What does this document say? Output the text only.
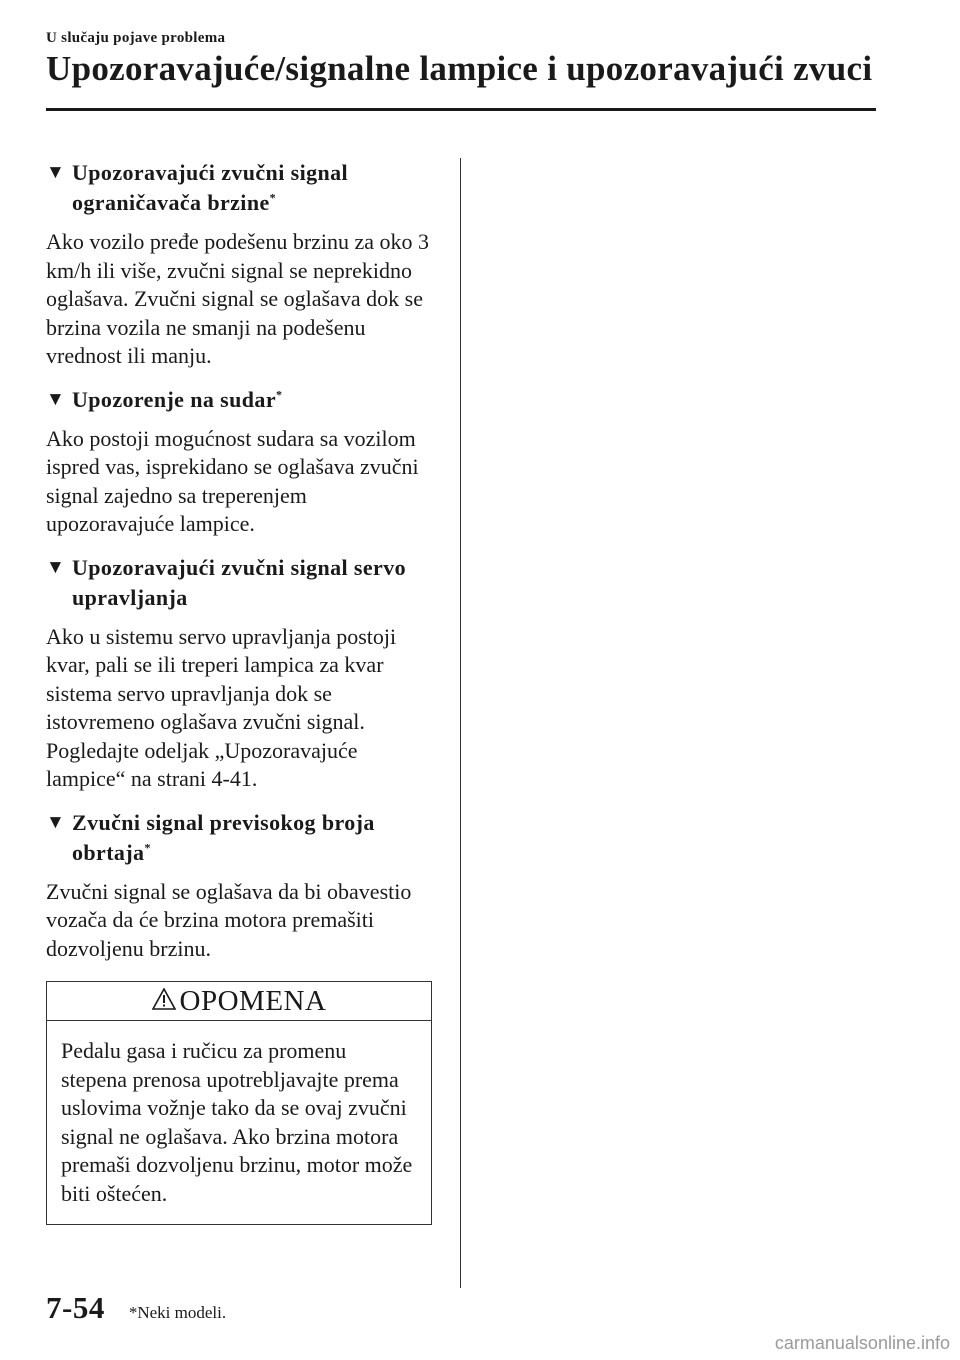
U slučaju pojave problema
Upozoravajuće/signalne lampice i upozoravajući zvuci
▼ Upozoravajući zvučni signal
ograničavača brzine*

Ako vozilo pređe podešenu brzinu za oko 3 km/h ili više, zvučni signal se neprekidno oglašava. Zvučni signal se oglašava dok se brzina vozila ne smanji na podešenu vrednost ili manju.

▼ Upozorenje na sudar*

Ako postoji mogućnost sudara sa vozilom ispred vas, isprekidano se oglašava zvučni signal zajedno sa treperenjem upozoravajuće lampice.

▼ Upozoravajući zvučni signal servo
upravljanja

Ako u sistemu servo upravljanja postoji kvar, pali se ili treperi lampica za kvar sistema servo upravljanja dok se istovremeno oglašava zvučni signal.
Pogledajte odeljak „Upozoravajuće lampice“ na strani 4-41.

▼ Zvučni signal previsokog broja
obrtaja*

Zvučni signal se oglašava da bi obavestio vozača da će brzina motora premašiti dozvoljenu brzinu.

OPOMENA
Pedalu gasa i ručicu za promenu stepena prenosa upotrebljavajte prema uslovima vožnje tako da se ovaj zvučni signal ne oglašava. Ako brzina motora premaši dozvoljenu brzinu, motor može biti oštećen.
7-54 *Neki modeli.
carmanualsonline.info
